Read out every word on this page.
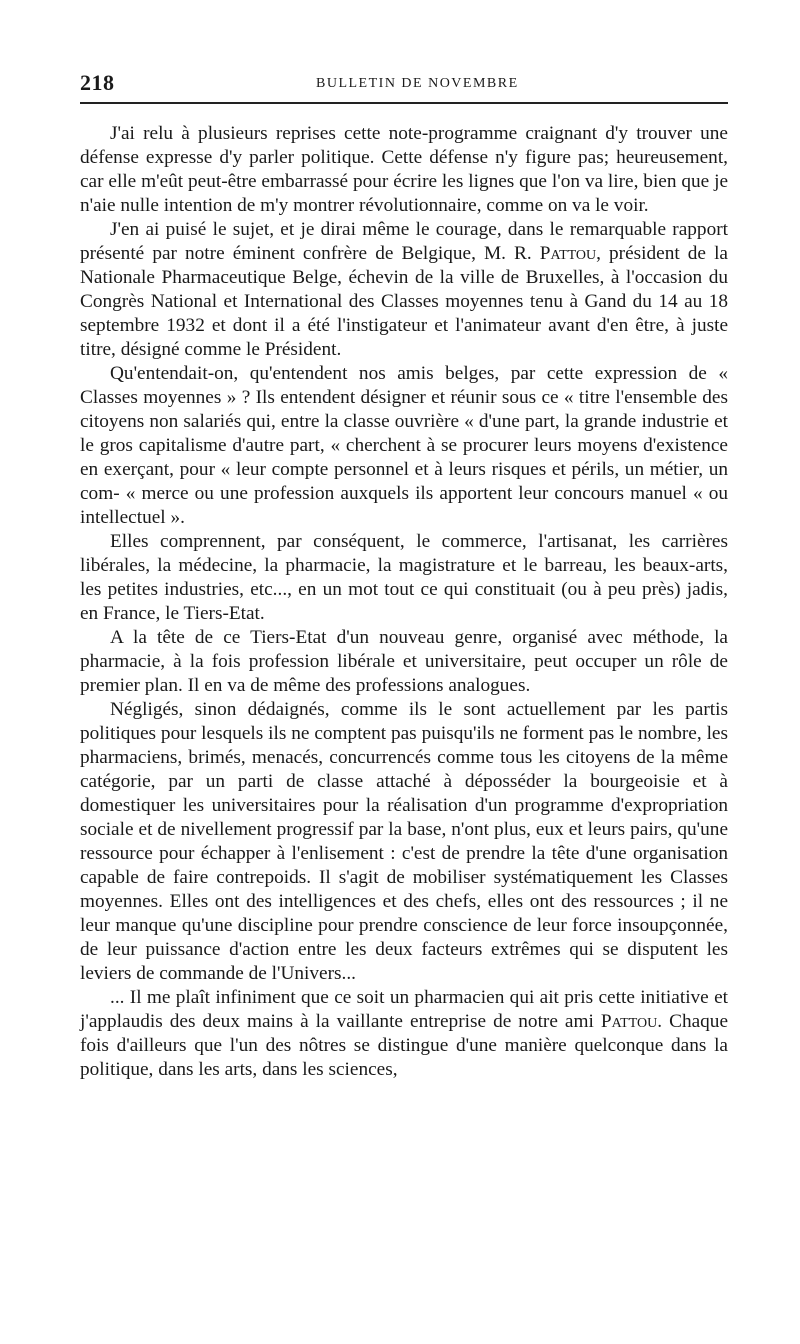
218	BULLETIN DE NOVEMBRE

J'ai relu à plusieurs reprises cette note-programme craignant d'y trouver une défense expresse d'y parler politique. Cette défense n'y figure pas; heureusement, car elle m'eût peut-être embarrassé pour écrire les lignes que l'on va lire, bien que je n'aie nulle intention de m'y montrer révolutionnaire, comme on va le voir.

J'en ai puisé le sujet, et je dirai même le courage, dans le remarquable rapport présenté par notre éminent confrère de Belgique, M. R. Pattou, président de la Nationale Pharmaceutique Belge, échevin de la ville de Bruxelles, à l'occasion du Congrès National et International des Classes moyennes tenu à Gand du 14 au 18 septembre 1932 et dont il a été l'instigateur et l'animateur avant d'en être, à juste titre, désigné comme le Président.

Qu'entendait-on, qu'entendent nos amis belges, par cette expression de « Classes moyennes » ? Ils entendent désigner et réunir sous ce « titre l'ensemble des citoyens non salariés qui, entre la classe ouvrière « d'une part, la grande industrie et le gros capitalisme d'autre part, « cherchent à se procurer leurs moyens d'existence en exerçant, pour « leur compte personnel et à leurs risques et périls, un métier, un com- « merce ou une profession auxquels ils apportent leur concours manuel « ou intellectuel ».

Elles comprennent, par conséquent, le commerce, l'artisanat, les carrières libérales, la médecine, la pharmacie, la magistrature et le barreau, les beaux-arts, les petites industries, etc..., en un mot tout ce qui constituait (ou à peu près) jadis, en France, le Tiers-Etat.

A la tête de ce Tiers-Etat d'un nouveau genre, organisé avec méthode, la pharmacie, à la fois profession libérale et universitaire, peut occuper un rôle de premier plan. Il en va de même des professions analogues.

Négligés, sinon dédaignés, comme ils le sont actuellement par les partis politiques pour lesquels ils ne comptent pas puisqu'ils ne forment pas le nombre, les pharmaciens, brimés, menacés, concurrencés comme tous les citoyens de la même catégorie, par un parti de classe attaché à déposséder la bourgeoisie et à domestiquer les universitaires pour la réalisation d'un programme d'expropriation sociale et de nivellement progressif par la base, n'ont plus, eux et leurs pairs, qu'une ressource pour échapper à l'enlisement : c'est de prendre la tête d'une organisation capable de faire contrepoids. Il s'agit de mobiliser systématiquement les Classes moyennes. Elles ont des intelligences et des chefs, elles ont des ressources ; il ne leur manque qu'une discipline pour prendre conscience de leur force insoupçonnée, de leur puissance d'action entre les deux facteurs extrêmes qui se disputent les leviers de commande de l'Univers...

... Il me plaît infiniment que ce soit un pharmacien qui ait pris cette initiative et j'applaudis des deux mains à la vaillante entreprise de notre ami Pattou. Chaque fois d'ailleurs que l'un des nôtres se distingue d'une manière quelconque dans la politique, dans les arts, dans les sciences,
